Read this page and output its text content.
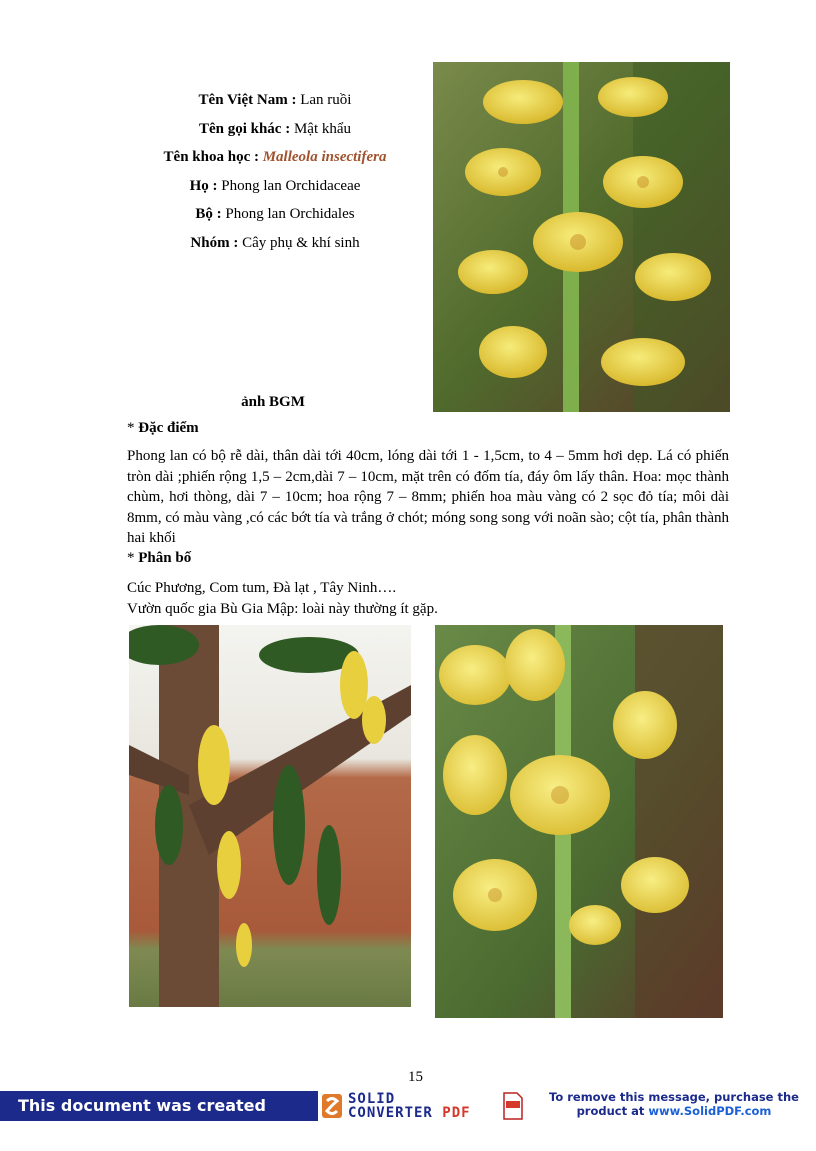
Tên Việt Nam : Lan ruồi
Tên gọi khác : Mật khẩu
Tên khoa học : Malleola insectifera
Họ : Phong lan Orchidaceae
Bộ : Phong lan Orchidales
Nhóm : Cây phụ & khí sinh
ảnh BGM
* Đặc điểm
Phong lan có bộ rễ dài, thân dài tới 40cm, lóng dài tới 1 - 1,5cm, to 4 – 5mm hơi dẹp. Lá có phiến tròn dài ;phiến rộng 1,5 – 2cm,dài 7 – 10cm, mặt trên có đốm tía, đáy ôm lấy thân. Hoa: mọc thành chùm, hơi thòng, dài 7 – 10cm; hoa rộng 7 – 8mm; phiến hoa màu vàng có 2 sọc đỏ tía; môi dài 8mm, có màu vàng ,có các bớt tía và trắng ở chót; móng song song với noãn sào; cột tía, phân thành hai khối
* Phân bố
Cúc Phương, Com tum, Đà lạt , Tây Ninh….
Vườn quốc gia Bù Gia Mập: loài này thường ít gặp.
15
This document was created using
SOLID
CONVERTER PDF
To remove this message, purchase the
product at www.SolidPDF.com
